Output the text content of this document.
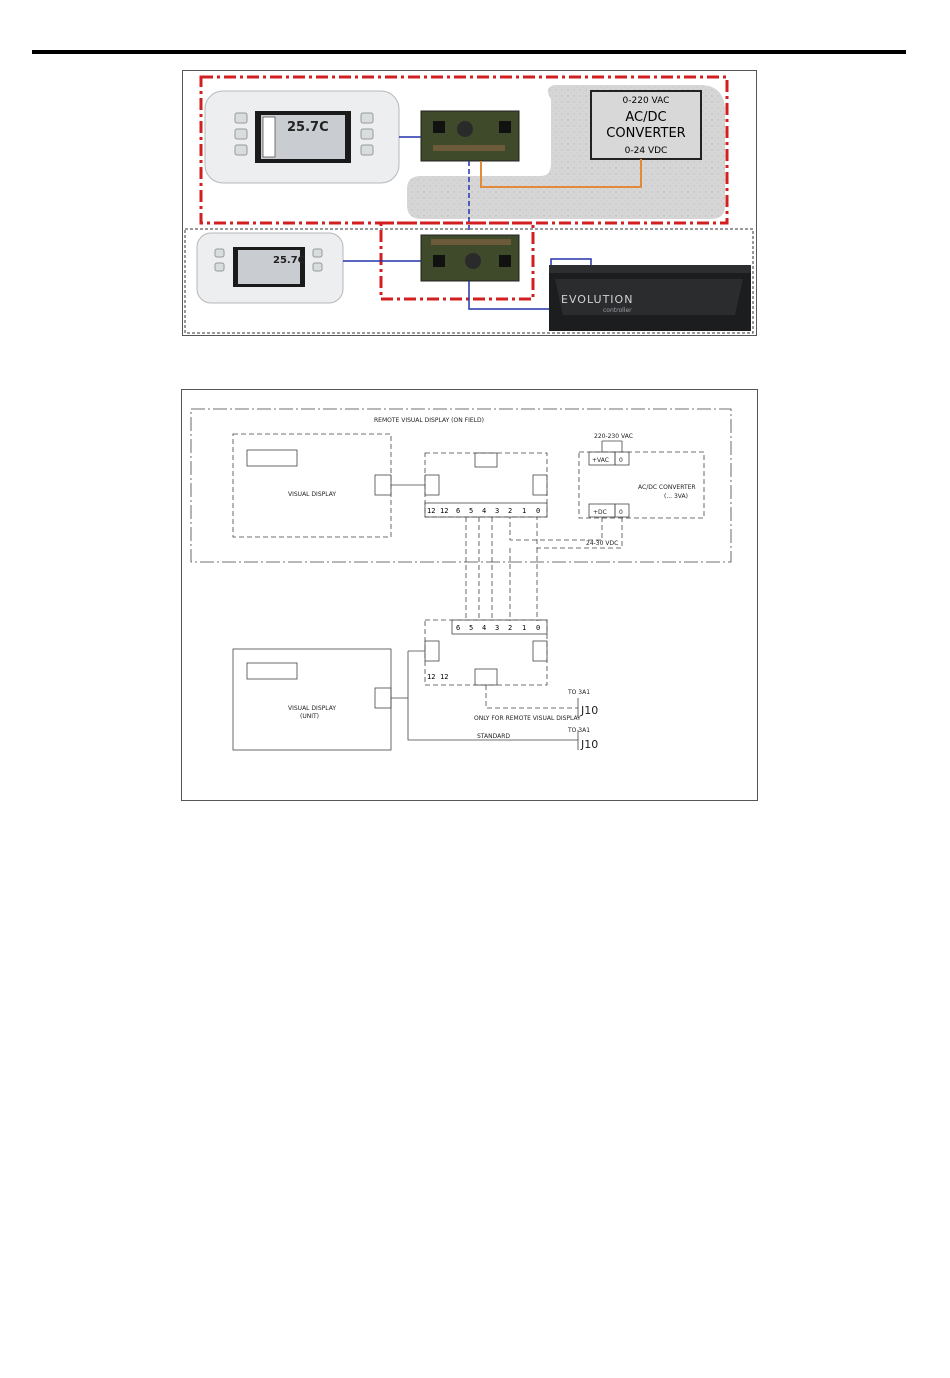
25.7C
0-220 VAC
AC/DC
CONVERTER
0-24 VDC
25.7C
EVOLUTION
controller
12 12 6 5 4 3 2 1 0
6 5 4 3 2 1 0
12 12
REMOTE VISUAL DISPLAY (ON FIELD)
VISUAL DISPLAY
220-230 VAC
+VAC 0
AC/DC CONVERTER
(... 3VA)
+DC 0
24-30 VDC
VISUAL DISPLAY
(UNIT)
TO 3A1
ONLY FOR REMOTE VISUAL DISPLAY
TO 3A1
STANDARD
J10
J10
